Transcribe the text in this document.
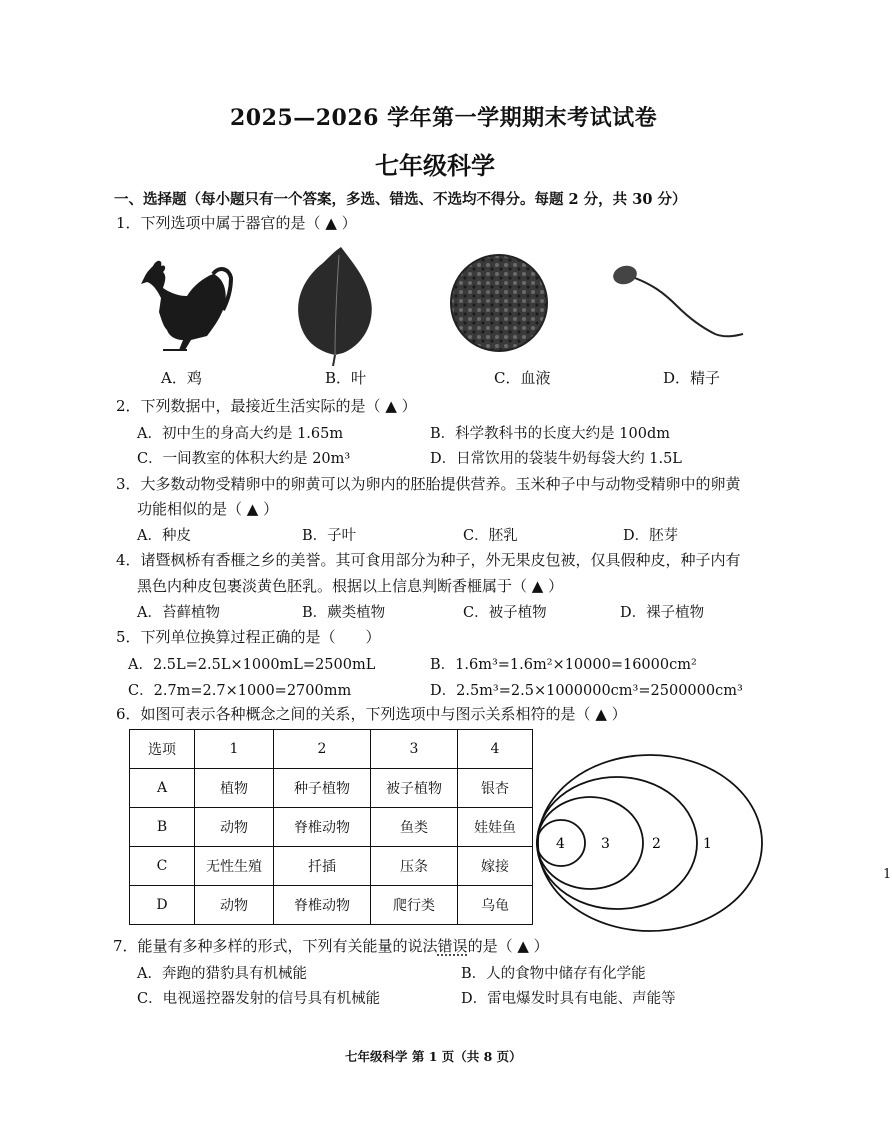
2025—2026 学年第一学期期末考试试卷
七年级科学
一、选择题（每小题只有一个答案，多选、错选、不选均不得分。每题 2 分，共 30 分）
1．下列选项中属于器官的是（ ▲ ）
A．鸡	B．叶	C．血液	D．精子
2．下列数据中，最接近生活实际的是（ ▲ ）
A．初中生的身高大约是 1.65m	B．科学教科书的长度大约是 100dm
C．一间教室的体积大约是 20m³	D．日常饮用的袋装牛奶每袋大约 1.5L
3．大多数动物受精卵中的卵黄可以为卵内的胚胎提供营养。玉米种子中与动物受精卵中的卵黄
功能相似的是（ ▲ ）
A．种皮	B．子叶	C．胚乳	D．胚芽
4．诸暨枫桥有香榧之乡的美誉。其可食用部分为种子，外无果皮包被，仅具假种皮，种子内有
黑色内种皮包裹淡黄色胚乳。根据以上信息判断香榧属于（ ▲ ）
A．苔藓植物	B．蕨类植物	C．被子植物	D．裸子植物
5．下列单位换算过程正确的是（　　）
A．2.5L=2.5L×1000mL=2500mL	B．1.6m³=1.6m²×10000=16000cm²
C．2.7m=2.7×1000=2700mm	D．2.5m³=2.5×1000000cm³=2500000cm³
6．如图可表示各种概念之间的关系，下列选项中与图示关系相符的是（ ▲ ）
选项	1	2	3	4
A	植物	种子植物	被子植物	银杏
B	动物	脊椎动物	鱼类	娃娃鱼
C	无性生殖	扦插	压条	嫁接
D	动物	脊椎动物	爬行类	乌龟
1
2
3
4
7．能量有多种多样的形式，下列有关能量的说法错误的是（ ▲ ）
A．奔跑的猎豹具有机械能	B．人的食物中储存有化学能
C．电视遥控器发射的信号具有机械能	D．雷电爆发时具有电能、声能等
1
七年级科学 第 1 页（共 8 页）
